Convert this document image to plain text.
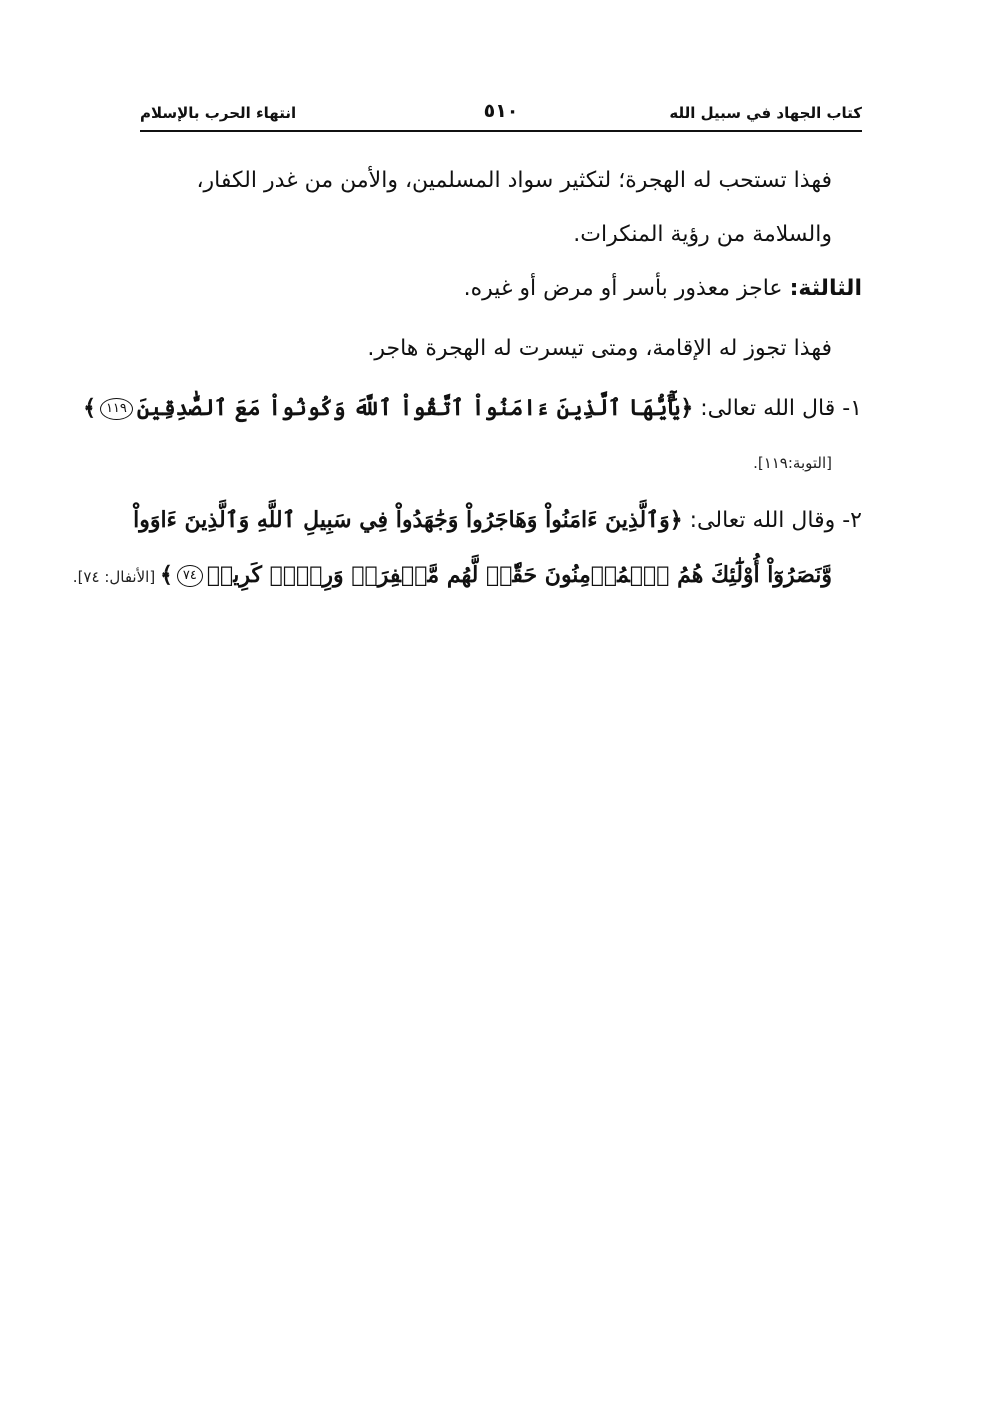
كتاب الجهاد في سبيل الله
٥١٠
انتهاء الحرب بالإسلام
فهذا تستحب له الهجرة؛ لتكثير سواد المسلمين، والأمن من غدر الكفار،
والسلامة من رؤية المنكرات.
الثالثة: عاجز معذور بأسر أو مرض أو غيره.
فهذا تجوز له الإقامة، ومتى تيسرت له الهجرة هاجر.
١- قال الله تعالى: ﴿يَٰٓأَيُّهَا ٱلَّذِينَ ءَامَنُواْ ٱتَّقُواْ ٱللَّهَ وَكُونُواْ مَعَ ٱلصَّٰدِقِينَ١١٩﴾
[التوبة:١١٩].
٢- وقال الله تعالى: ﴿وَٱلَّذِينَ ءَامَنُواْ وَهَاجَرُواْ وَجَٰهَدُواْ فِي سَبِيلِ ٱللَّهِ وَٱلَّذِينَ ءَاوَواْ
وَّنَصَرُوٓاْ أُوْلَٰٓئِكَ هُمُ ٱلۡمُؤۡمِنُونَ حَقّٗاۚ لَّهُم مَّغۡفِرَةٞ وَرِزۡقٞ كَرِيمٞ٧٤﴾ [الأنفال: ٧٤].
